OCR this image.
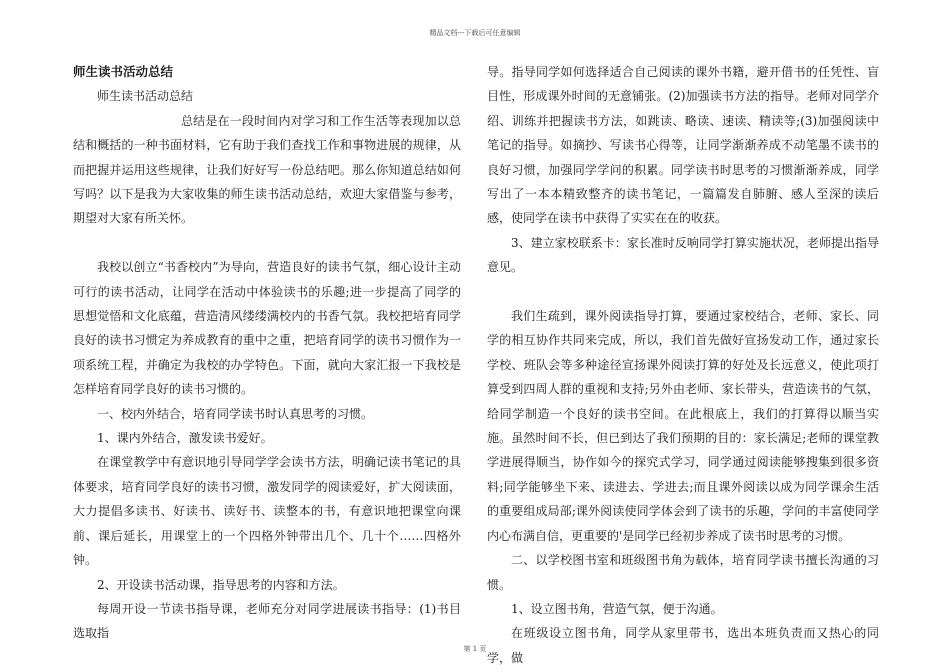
精品文档---下载后可任意编辑

师生读书活动总结

师生读书活动总结

总结是在一段时间内对学习和工作生活等表现加以总结和概括的一种书面材料，它有助于我们查找工作和事物进展的规律，从而把握并运用这些规律，让我们好好写一份总结吧。那么你知道总结如何写吗？以下是我为大家收集的师生读书活动总结，欢迎大家借鉴与参考，期望对大家有所关怀。

我校以创立“书香校内”为导向，营造良好的读书气氛，细心设计主动可行的读书活动，让同学在活动中体验读书的乐趣;进一步提高了同学的思想觉悟和文化底蕴，营造清风缕缕满校内的书香气氛。我校把培育同学良好的读书习惯定为养成教育的重中之重，把培育同学的读书习惯作为一项系统工程，并确定为我校的办学特色。下面，就向大家汇报一下我校是怎样培育同学良好的读书习惯的。

一、校内外结合，培育同学读书时认真思考的习惯。

1、课内外结合，激发读书爱好。

在课堂教学中有意识地引导同学学会读书方法，明确记读书笔记的具体要求，培育同学良好的读书习惯，激发同学的阅读爱好，扩大阅读面，大力提倡多读书、好读书、读好书、读整本的书，有意识地把课堂向课前、课后延长，用课堂上的一个四格外钟带出几个、几十个……四格外钟。

2、开设读书活动课，指导思考的内容和方法。

每周开设一节读书指导课，老师充分对同学进展读书指导：(1)书目选取指

导。指导同学如何选择适合自己阅读的课外书籍，避开借书的任凭性、盲目性，形成课外时间的无意铺张。(2)加强读书方法的指导。老师对同学介绍、训练并把握读书方法，如跳读、略读、速读、精读等;(3)加强阅读中笔记的指导。如摘抄、写读书心得等，让同学渐渐养成不动笔墨不读书的良好习惯，加强同学学问的积累。同学读书时思考的习惯渐渐养成，同学写出了一本本精致整齐的读书笔记，一篇篇发自肺腑、感人至深的读后感，使同学在读书中获得了实实在在的收获。

3、建立家校联系卡：家长准时反响同学打算实施状况，老师提出指导意见。

我们生疏到，课外阅读指导打算，要通过家校结合，老师、家长、同学的相互协作共同来完成，所以，我们首先做好宣扬发动工作，通过家长学校、班队会等多种途径宣扬课外阅读打算的好处及长远意义，使此项打算受到四周人群的重视和支持;另外由老师、家长带头，营造读书的气氛，给同学制造一个良好的读书空间。在此根底上，我们的打算得以顺当实施。虽然时间不长，但已到达了我们预期的目的：家长满足;老师的课堂教学进展得顺当，协作如今的探究式学习，同学通过阅读能够搜集到很多资料;同学能够坐下来、读进去、学进去;而且课外阅读以成为同学课余生活的重要组成局部;课外阅读使同学体会到了读书的乐趣，学问的丰富使同学内心布满自信，更重要的'是同学已经初步养成了读书时思考的习惯。

二、以学校图书室和班级图书角为载体，培育同学读书擅长沟通的习惯。

1、设立图书角，营造气氛，便于沟通。

在班级设立图书角，同学从家里带书，选出本班负责而又热心的同学，做

第 1 页
